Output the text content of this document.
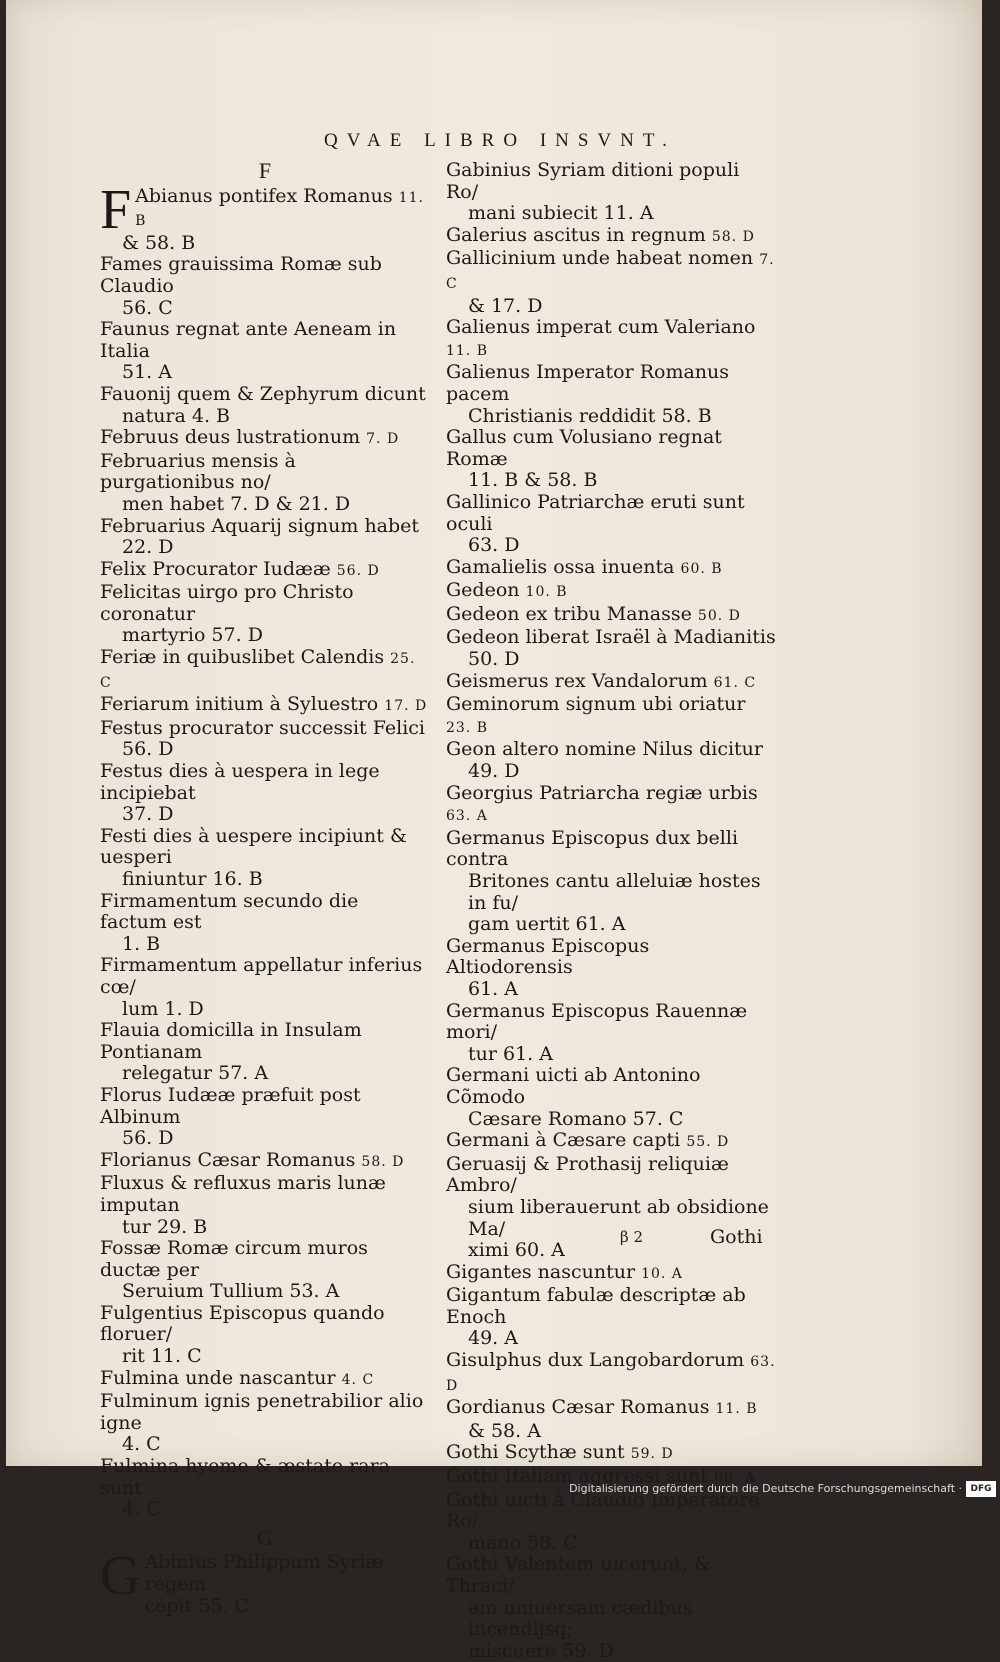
QVAE LIBRO INSVNT.
F
F Abianus pontifex Romanus 11. B
& 58. B
Fames grauissima Romæ sub Claudio
56. C
Faunus regnat ante Aeneam in Italia
51. A
Fauonij quem & Zephyrum dicunt
natura 4. B
Februus deus lustrationum 7. D
Februarius mensis à purgationibus no/
men habet 7. D & 21. D
Februarius Aquarij signum habet
22. D
Felix Procurator Iudææ 56. D
Felicitas uirgo pro Christo coronatur
martyrio 57. D
Feriæ in quibuslibet Calendis 25. C
Feriarum initium à Syluestro 17. D
Festus procurator successit Felici
56. D
Festus dies à uespera in lege incipiebat
37. D
Festi dies à uespere incipiunt & uesperi
finiuntur 16. B
Firmamentum secundo die factum est
1. B
Firmamentum appellatur inferius cœ/
lum 1. D
Flauia domicilla in Insulam Pontianam
relegatur 57. A
Florus Iudææ præfuit post Albinum
56. D
Florianus Cæsar Romanus 58. D
Fluxus & refluxus maris lunæ imputan
tur 29. B
Fossæ Romæ circum muros ductæ per
Seruium Tullium 53. A
Fulgentius Episcopus quando floruer/
rit 11. C
Fulmina unde nascantur 4. C
Fulminum ignis penetrabilior alio igne
4. C
Fulmina hyeme & æstate rara sunt
4. C
G
G Abinius Philippum Syriæ regem
cepit 55. C
Gabinius Syriam ditioni populi Ro/
mani subiecit 11. A
Galerius ascitus in regnum 58. D
Gallicinium unde habeat nomen 7. C
& 17. D
Galienus imperat cum Valeriano 11. B
Galienus Imperator Romanus pacem
Christianis reddidit 58. B
Gallus cum Volusiano regnat Romæ
11. B & 58. B
Gallinico Patriarchæ eruti sunt oculi
63. D
Gamalielis ossa inuenta 60. B
Gedeon 10. B
Gedeon ex tribu Manasse 50. D
Gedeon liberat Israël à Madianitis
50. D
Geismerus rex Vandalorum 61. C
Geminorum signum ubi oriatur 23. B
Geon altero nomine Nilus dicitur
49. D
Georgius Patriarcha regiæ urbis 63. A
Germanus Episcopus dux belli contra
Britones cantu alleluiæ hostes in fu/
gam uertit 61. A
Germanus Episcopus Altiodorensis
61. A
Germanus Episcopus Rauennæ mori/
tur 61. A
Germani uicti ab Antonino Cõmodo
Cæsare Romano 57. C
Germani à Cæsare capti 55. D
Geruasij & Prothasij reliquiæ Ambro/
sium liberauerunt ab obsidione Ma/
ximi 60. A
Gigantes nascuntur 10. A
Gigantum fabulæ descriptæ ab Enoch
49. A
Gisulphus dux Langobardorum 63. D
Gordianus Cæsar Romanus 11. B
& 58. A
Gothi Scythæ sunt 59. D
Gothi Italiam aggressi sunt 60. A
Gothi uicti à Claudio Imperatore Ro/
mano 58. C
Gothi Valentem uicerunt, & Thraci/
am uniuersam cædibus incendijsq;
miscuere 59. D
β 2	Gothi
Digitalisierung gefördert durch die Deutsche Forschungsgemeinschaft · DFG
